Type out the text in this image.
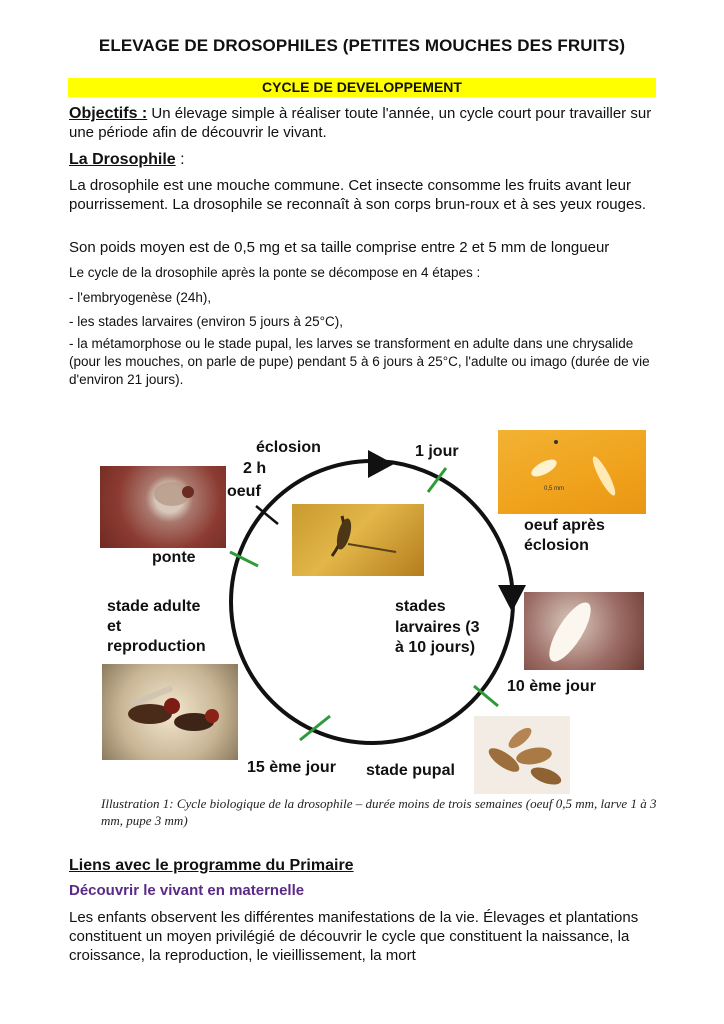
ELEVAGE DE DROSOPHILES (PETITES MOUCHES DES FRUITS)
CYCLE DE DEVELOPPEMENT
Objectifs : Un élevage simple à réaliser toute l'année, un cycle court pour travailler sur une période afin de découvrir le vivant.
La Drosophile :
La drosophile est une mouche commune. Cet insecte consomme les fruits avant leur pourrissement. La drosophile se reconnaît à son corps brun-roux et à ses yeux rouges.
Son poids moyen est de 0,5 mg et sa taille comprise entre 2 et 5 mm de longueur
Le cycle de la drosophile après la ponte se décompose en 4 étapes :
- l'embryogenèse (24h),
- les stades larvaires (environ 5 jours à 25°C),
- la métamorphose ou le stade pupal, les larves se transforment en adulte dans une chrysalide (pour les mouches, on parle de pupe) pendant 5 à 6 jours à 25°C, l'adulte ou imago (durée de vie d'environ 21 jours).
0,5 mm
éclosion
2 h
oeuf
1 jour
oeuf après
éclosion
ponte
stade adulte
et
reproduction
stades
larvaires (3
à 10 jours)
10 ème jour
15 ème jour stade pupal
Illustration 1: Cycle biologique de la drosophile – durée moins de trois semaines (oeuf 0,5 mm, larve 1 à 3 mm, pupe 3 mm)
Liens avec le programme du Primaire
Découvrir le vivant en maternelle
Les enfants observent les différentes manifestations de la vie. Élevages et plantations constituent un moyen privilégié de découvrir le cycle que constituent la naissance, la croissance, la reproduction, le vieillissement, la mort
